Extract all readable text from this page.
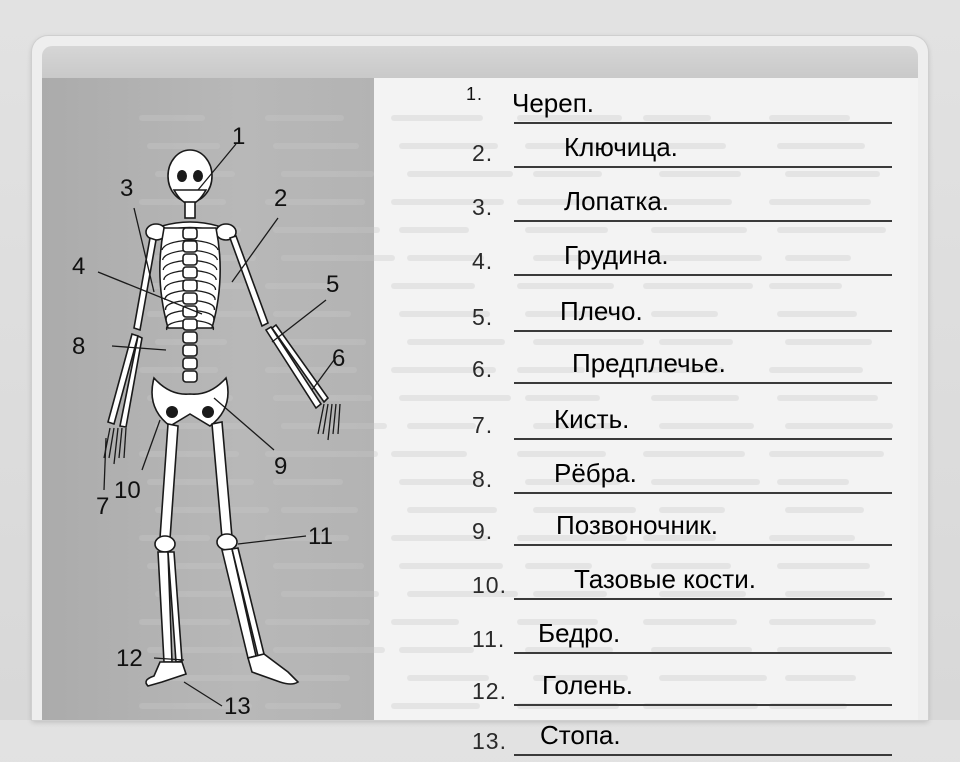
1
2
3
4
5
6
7
8
9
10
11
12
13
1. Череп.
2.	Ключица.
3.	Лопатка.
4.	Грудина.
5.	Плечо.
6.	Предплечье.
7. Кисть.
8. Рёбра.
9. Позвоночник.
10.	Тазовые кости.
11. Бедро.
12. Голень.
13. Стопа.
